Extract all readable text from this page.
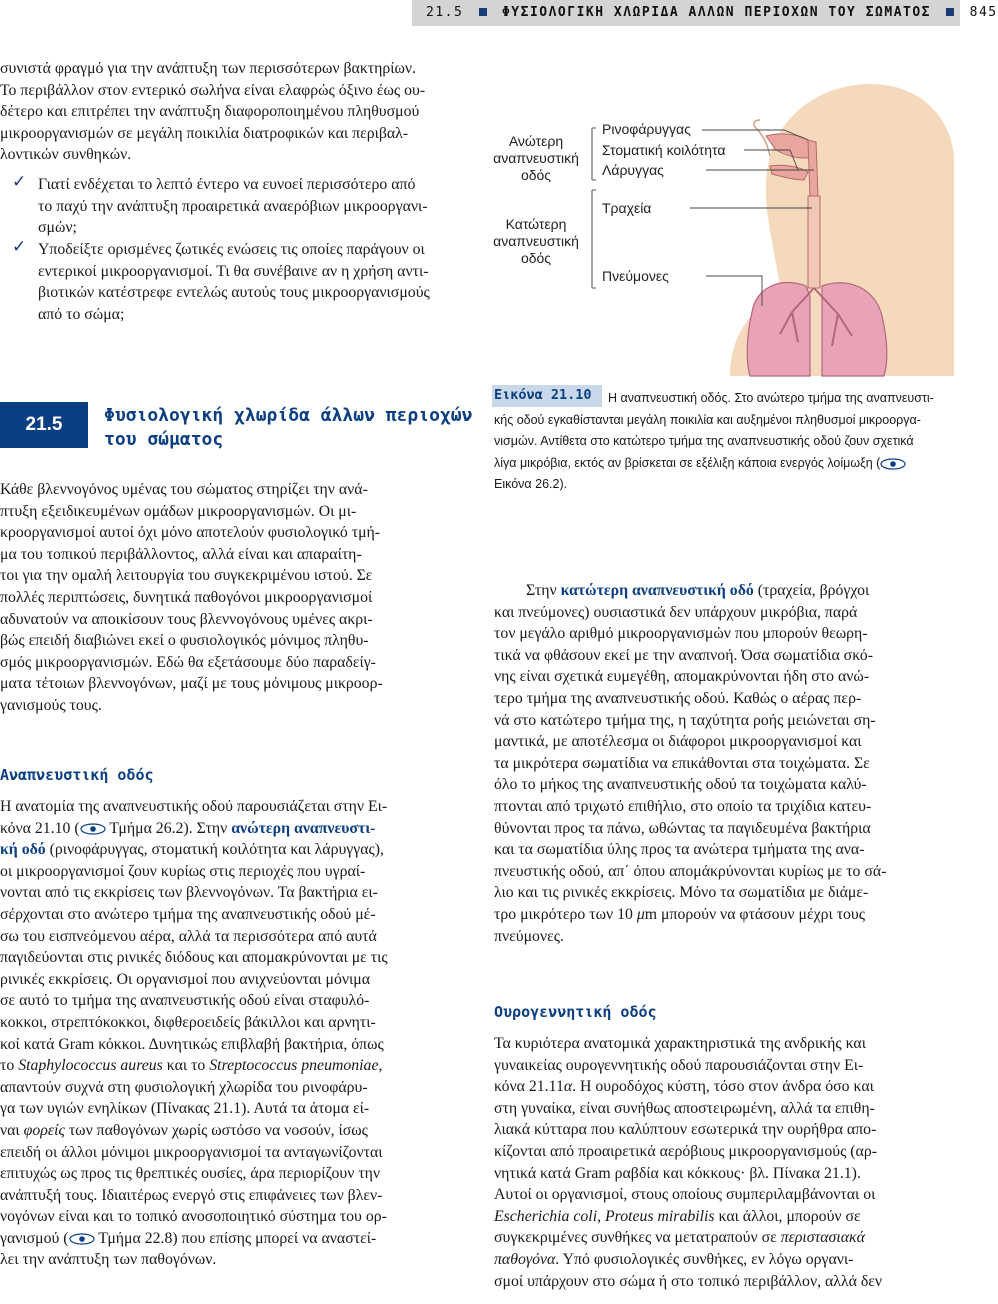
21.5	ΦΥΣΙΟΛΟΓΙΚΗ ΧΛΩΡΙΔΑ ΑΛΛΩΝ ΠΕΡΙΟΧΩΝ ΤΟΥ ΣΩΜΑΤΟΣ	845
συνιστά φραγμό για την ανάπτυξη των περισσότερων βακτηρίων.
Το περιβάλλον στον εντερικό σωλήνα είναι ελαφρώς όξινο έως ου-
δέτερο και επιτρέπει την ανάπτυξη διαφοροποιημένου πληθυσμού
μικροοργανισμών σε μεγάλη ποικιλία διατροφικών και περιβαλ-
λοντικών συνθηκών.
✓ Γιατί ενδέχεται το λεπτό έντερο να ευνοεί περισσότερο από
το παχύ την ανάπτυξη προαιρετικά αναερόβιων μικροοργανι-
σμών;
✓ Υποδείξτε ορισμένες ζωτικές ενώσεις τις οποίες παράγουν οι
εντερικοί μικροοργανισμοί. Τι θα συνέβαινε αν η χρήση αντι-
βιοτικών κατέστρεφε εντελώς αυτούς τους μικροοργανισμούς
από το σώμα;
Ανώτερη
αναπνευστική
οδός
Κατώτερη
αναπνευστική
οδός
Ρινοφάρυγγας
Στοματική κοιλότητα
Λάρυγγας
Τραχεία
Πνεύμονες
Εικόνα 21.10 Η αναπνευστική οδός. Στο ανώτερο τμήμα της αναπνευστι-
κής οδού εγκαθίστανται μεγάλη ποικιλία και αυξημένοι πληθυσμοί μικροοργα-
νισμών. Αντίθετα στο κατώτερο τμήμα της αναπνευστικής οδού ζουν σχετικά
λίγα μικρόβια, εκτός αν βρίσκεται σε εξέλιξη κάποια ενεργός λοίμωξη (
Εικόνα 26.2).
21.5	Φυσιολογική χλωρίδα άλλων περιοχών
του σώματος
Κάθε βλεννογόνος υμένας του σώματος στηρίζει την ανά-
πτυξη εξειδικευμένων ομάδων μικροοργανισμών. Οι μι-
κροοργανισμοί αυτοί όχι μόνο αποτελούν φυσιολογικό τμή-
μα του τοπικού περιβάλλοντος, αλλά είναι και απαραίτη-
τοι για την ομαλή λειτουργία του συγκεκριμένου ιστού. Σε
πολλές περιπτώσεις, δυνητικά παθογόνοι μικροοργανισμοί
αδυνατούν να αποικίσουν τους βλεννογόνους υμένες ακρι-
βώς επειδή διαβιώνει εκεί ο φυσιολογικός μόνιμος πληθυ-
σμός μικροοργανισμών. Εδώ θα εξετάσουμε δύο παραδείγ-
ματα τέτοιων βλεννογόνων, μαζί με τους μόνιμους μικροορ-
γανισμούς τους.
Αναπνευστική οδός
Η ανατομία της αναπνευστικής οδού παρουσιάζεται στην Ει-
κόνα 21.10 ( Τμήμα 26.2). Στην ανώτερη αναπνευστι-
κή οδό (ρινοφάρυγγας, στοματική κοιλότητα και λάρυγγας),
οι μικροοργανισμοί ζουν κυρίως στις περιοχές που υγραί-
νονται από τις εκκρίσεις των βλεννογόνων. Τα βακτήρια ει-
σέρχονται στο ανώτερο τμήμα της αναπνευστικής οδού μέ-
σω του εισπνεόμενου αέρα, αλλά τα περισσότερα από αυτά
παγιδεύονται στις ρινικές διόδους και απομακρύνονται με τις
ρινικές εκκρίσεις. Οι οργανισμοί που ανιχνεύονται μόνιμα
σε αυτό το τμήμα της αναπνευστικής οδού είναι σταφυλό-
κοκκοι, στρεπτόκοκκοι, διφθεροειδείς βάκιλλοι και αρνητι-
κοί κατά Gram κόκκοι. Δυνητικώς επιβλαβή βακτήρια, όπως
το Staphylococcus aureus και το Streptococcus pneumoniae,
απαντούν συχνά στη φυσιολογική χλωρίδα του ρινοφάρυ-
γα των υγιών ενηλίκων (Πίνακας 21.1). Αυτά τα άτομα εί-
ναι φορείς των παθογόνων χωρίς ωστόσο να νοσούν, ίσως
επειδή οι άλλοι μόνιμοι μικροοργανισμοί τα ανταγωνίζονται
επιτυχώς ως προς τις θρεπτικές ουσίες, άρα περιορίζουν την
ανάπτυξή τους. Ιδιαιτέρως ενεργό στις επιφάνειες των βλεν-
νογόνων είναι και το τοπικό ανοσοποιητικό σύστημα του ορ-
γανισμού ( Τμήμα 22.8) που επίσης μπορεί να αναστεί-
λει την ανάπτυξη των παθογόνων.
Στην κατώτερη αναπνευστική οδό (τραχεία, βρόγχοι
και πνεύμονες) ουσιαστικά δεν υπάρχουν μικρόβια, παρά
τον μεγάλο αριθμό μικροοργανισμών που μπορούν θεωρη-
τικά να φθάσουν εκεί με την αναπνοή. Όσα σωματίδια σκό-
νης είναι σχετικά ευμεγέθη, απομακρύνονται ήδη στο ανώ-
τερο τμήμα της αναπνευστικής οδού. Καθώς ο αέρας περ-
νά στο κατώτερο τμήμα της, η ταχύτητα ροής μειώνεται ση-
μαντικά, με αποτέλεσμα οι διάφοροι μικροοργανισμοί και
τα μικρότερα σωματίδια να επικάθονται στα τοιχώματα. Σε
όλο το μήκος της αναπνευστικής οδού τα τοιχώματα καλύ-
πτονται από τριχωτό επιθήλιο, στο οποίο τα τριχίδια κατευ-
θύνονται προς τα πάνω, ωθώντας τα παγιδευμένα βακτήρια
και τα σωματίδια ύλης προς τα ανώτερα τμήματα της ανα-
πνευστικής οδού, απ΄ όπου απομάκρύνονται κυρίως με το σά-
λιο και τις ρινικές εκκρίσεις. Μόνο τα σωματίδια με διάμε-
τρο μικρότερο των 10 μm μπορούν να φτάσουν μέχρι τους
πνεύμονες.
Ουρογεννητική οδός
Τα κυριότερα ανατομικά χαρακτηριστικά της ανδρικής και
γυναικείας ουρογεννητικής οδού παρουσιάζονται στην Ει-
κόνα 21.11α. Η ουροδόχος κύστη, τόσο στον άνδρα όσο και
στη γυναίκα, είναι συνήθως αποστειρωμένη, αλλά τα επιθη-
λιακά κύτταρα που καλύπτουν εσωτερικά την ουρήθρα απο-
κίζονται από προαιρετικά αερόβιους μικροοργανισμούς (αρ-
νητικά κατά Gram ραβδία και κόκκους· βλ. Πίνακα 21.1).
Αυτοί οι οργανισμοί, στους οποίους συμπεριλαμβάνονται οι
Escherichia coli, Proteus mirabilis και άλλοι, μπορούν σε
συγκεκριμένες συνθήκες να μετατραπούν σε περιστασιακά
παθογόνα. Υπό φυσιολογικές συνθήκες, εν λόγω οργανι-
σμοί υπάρχουν στο σώμα ή στο τοπικό περιβάλλον, αλλά δεν
